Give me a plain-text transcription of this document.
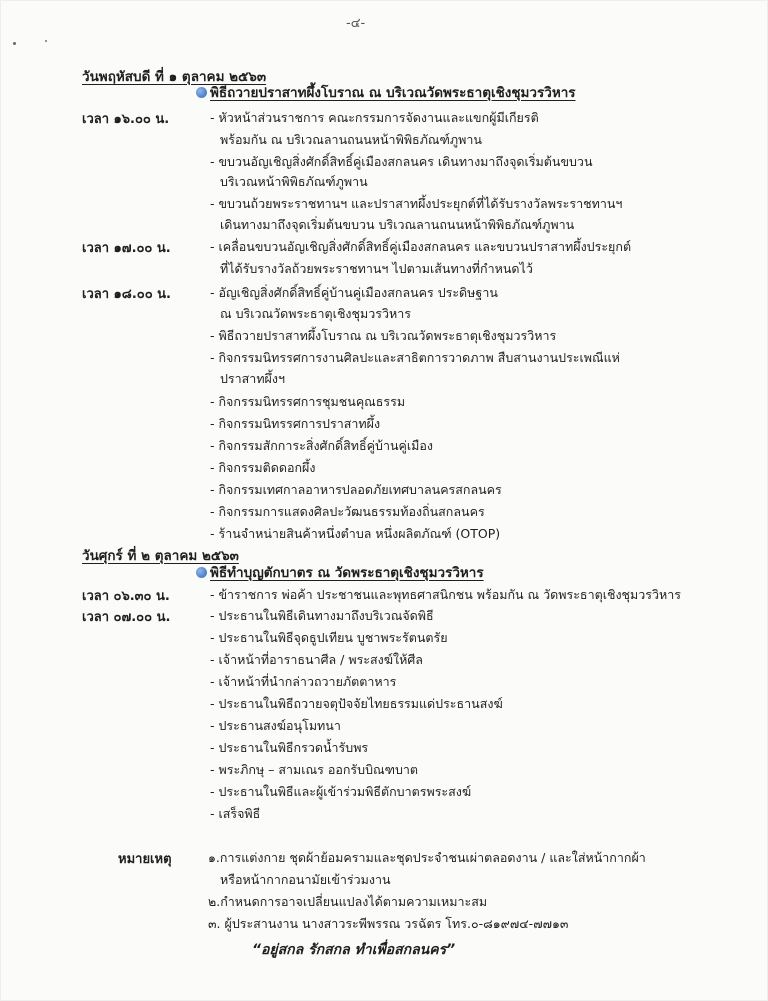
-๔-
วันพฤหัสบดี ที่ ๑ ตุลาคม ๒๕๖๓
พิธีถวายปราสาทผึ้งโบราณ ณ บริเวณวัดพระธาตุเชิงชุมวรวิหาร
เวลา ๑๖.๐๐ น.
เวลา ๑๗.๐๐ น.
เวลา ๑๘.๐๐ น.
- หัวหน้าส่วนราชการ คณะกรรมการจัดงานและแขกผู้มีเกียรติ
พร้อมกัน ณ บริเวณลานถนนหน้าพิพิธภัณฑ์ภูพาน
- ขบวนอัญเชิญสิ่งศักดิ์สิทธิ์คู่เมืองสกลนคร เดินทางมาถึงจุดเริ่มต้นขบวน
บริเวณหน้าพิพิธภัณฑ์ภูพาน
- ขบวนถ้วยพระราชทานฯ และปราสาทผึ้งประยุกต์ที่ได้รับรางวัลพระราชทานฯ
เดินทางมาถึงจุดเริ่มต้นขบวน บริเวณลานถนนหน้าพิพิธภัณฑ์ภูพาน
- เคลื่อนขบวนอัญเชิญสิ่งศักดิ์สิทธิ์คู่เมืองสกลนคร และขบวนปราสาทผึ้งประยุกต์
ที่ได้รับรางวัลถ้วยพระราชทานฯ ไปตามเส้นทางที่กำหนดไว้
- อัญเชิญสิ่งศักดิ์สิทธิ์คู่บ้านคู่เมืองสกลนคร ประดิษฐาน
ณ บริเวณวัดพระธาตุเชิงชุมวรวิหาร
- พิธีถวายปราสาทผึ้งโบราณ ณ บริเวณวัดพระธาตุเชิงชุมวรวิหาร
- กิจกรรมนิทรรศการงานศิลปะและสาธิตการวาดภาพ สืบสานงานประเพณีแห่
ปราสาทผึ้งฯ
- กิจกรรมนิทรรศการชุมชนคุณธรรม
- กิจกรรมนิทรรศการปราสาทผึ้ง
- กิจกรรมสักการะสิ่งศักดิ์สิทธิ์คู่บ้านคู่เมือง
- กิจกรรมติดดอกผึ้ง
- กิจกรรมเทศกาลอาหารปลอดภัยเทศบาลนครสกลนคร
- กิจกรรมการแสดงศิลปะวัฒนธรรมท้องถิ่นสกลนคร
- ร้านจำหน่ายสินค้าหนึ่งตำบล หนึ่งผลิตภัณฑ์ (OTOP)
วันศุกร์ ที่ ๒ ตุลาคม ๒๕๖๓
พิธีทำบุญตักบาตร ณ วัดพระธาตุเชิงชุมวรวิหาร
เวลา ๐๖.๓๐ น.
เวลา ๐๗.๐๐ น.
- ข้าราชการ พ่อค้า ประชาชนและพุทธศาสนิกชน พร้อมกัน ณ วัดพระธาตุเชิงชุมวรวิหาร
- ประธานในพิธีเดินทางมาถึงบริเวณจัดพิธี
- ประธานในพิธีจุดธูปเทียน บูชาพระรัตนตรัย
- เจ้าหน้าที่อาราธนาศีล / พระสงฆ์ให้ศีล
- เจ้าหน้าที่นำกล่าวถวายภัตตาหาร
- ประธานในพิธีถวายจตุปัจจัยไทยธรรมแด่ประธานสงฆ์
- ประธานสงฆ์อนุโมทนา
- ประธานในพิธีกรวดน้ำรับพร
- พระภิกษุ – สามเณร ออกรับบิณฑบาต
- ประธานในพิธีและผู้เข้าร่วมพิธีตักบาตรพระสงฆ์
- เสร็จพิธี
หมายเหตุ	๑.การแต่งกาย ชุดผ้าย้อมครามและชุดประจำชนเผ่าตลอดงาน / และใส่หน้ากากผ้า
หรือหน้ากากอนามัยเข้าร่วมงาน
๒.กำหนดการอาจเปลี่ยนแปลงได้ตามความเหมาะสม
๓. ผู้ประสานงาน นางสาวระพีพรรณ วรฉัตร โทร.๐-๘๑๙๗๔-๗๗๑๓
“อยู่สกล รักสกล ทำเพื่อสกลนคร”
